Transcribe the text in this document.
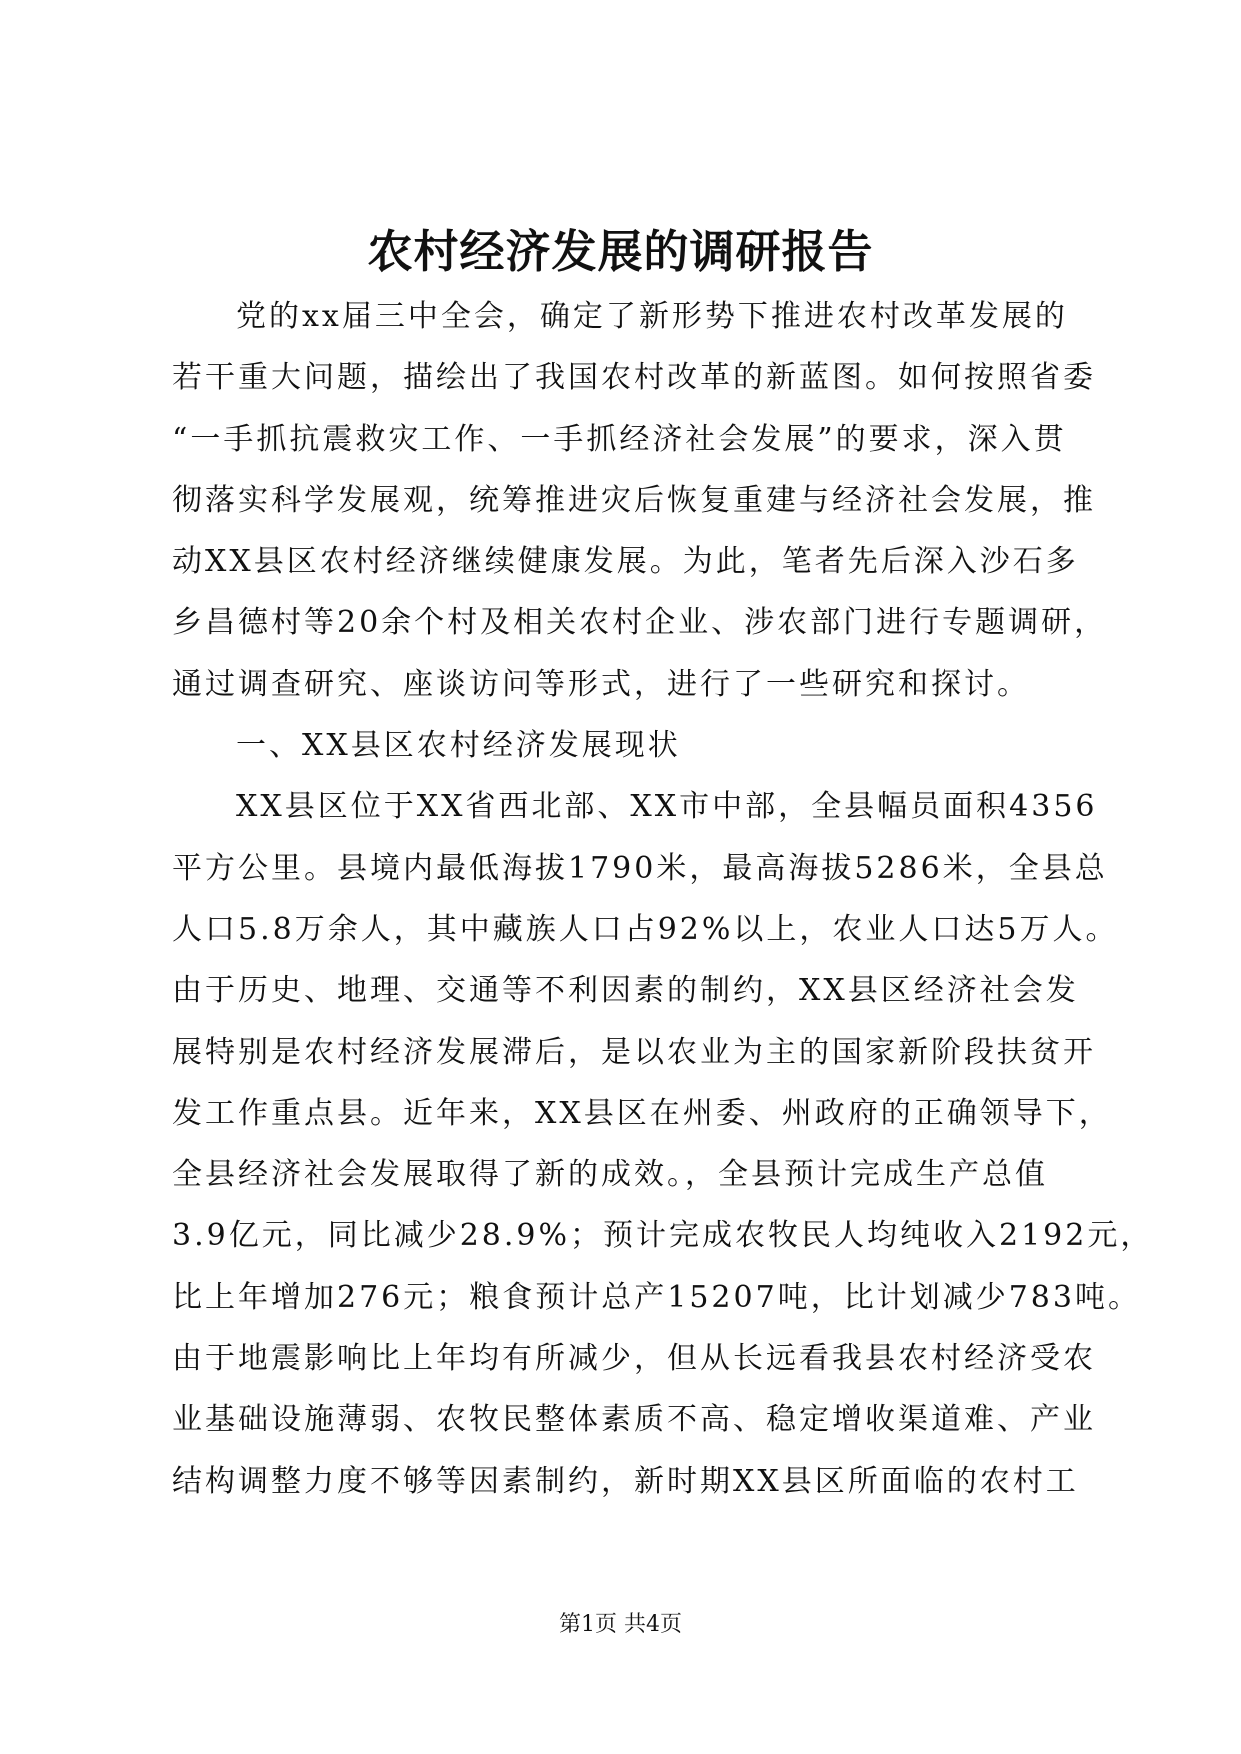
农村经济发展的调研报告
党的xx届三中全会，确定了新形势下推进农村改革发展的
若干重大问题，描绘出了我国农村改革的新蓝图。如何按照省委
“一手抓抗震救灾工作、一手抓经济社会发展”的要求，深入贯
彻落实科学发展观，统筹推进灾后恢复重建与经济社会发展，推
动XX县区农村经济继续健康发展。为此，笔者先后深入沙石多
乡昌德村等20余个村及相关农村企业、涉农部门进行专题调研，
通过调查研究、座谈访问等形式，进行了一些研究和探讨。
一、XX县区农村经济发展现状
XX县区位于XX省西北部、XX市中部，全县幅员面积4356
平方公里。县境内最低海拔1790米，最高海拔5286米，全县总
人口5.8万余人，其中藏族人口占92%以上，农业人口达5万人。
由于历史、地理、交通等不利因素的制约，XX县区经济社会发
展特别是农村经济发展滞后，是以农业为主的国家新阶段扶贫开
发工作重点县。近年来，XX县区在州委、州政府的正确领导下，
全县经济社会发展取得了新的成效。，全县预计完成生产总值
3.9亿元，同比减少28.9%；预计完成农牧民人均纯收入2192元，
比上年增加276元；粮食预计总产15207吨，比计划减少783吨。
由于地震影响比上年均有所减少，但从长远看我县农村经济受农
业基础设施薄弱、农牧民整体素质不高、稳定增收渠道难、产业
结构调整力度不够等因素制约，新时期XX县区所面临的农村工
第1页 共4页
